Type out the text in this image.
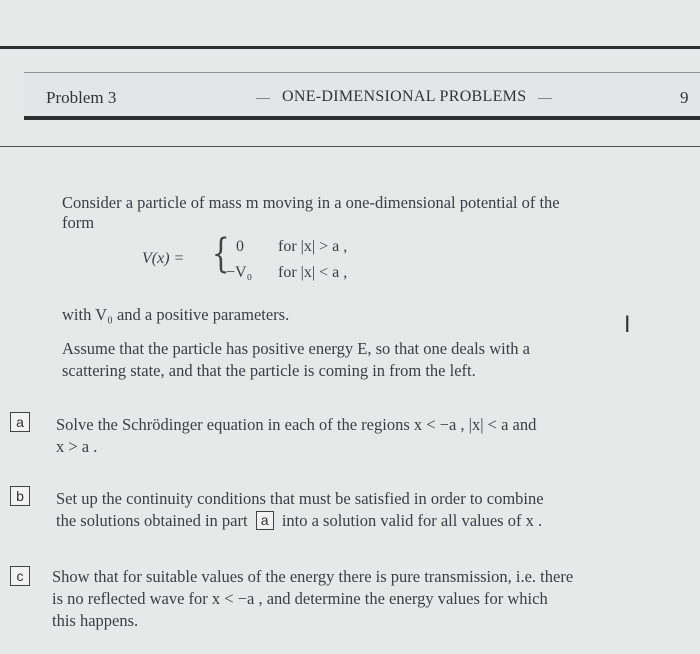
Problem 3	ONE-DIMENSIONAL PROBLEMS	9
Consider a particle of mass m moving in a one-dimensional potential of the
form
V(x) = { 0 for |x| > a ,
−V₀ for |x| < a ,
with V₀ and a positive parameters.	I
Assume that the particle has positive energy E, so that one deals with a
scattering state, and that the particle is coming in from the left.
a	Solve the Schrödinger equation in each of the regions x < −a , |x| < a and
x > a .
b	Set up the continuity conditions that must be satisfied in order to combine
the solutions obtained in part a into a solution valid for all values of x .
c	Show that for suitable values of the energy there is pure transmission, i.e. there
is no reflected wave for x < −a , and determine the energy values for which
this happens.
